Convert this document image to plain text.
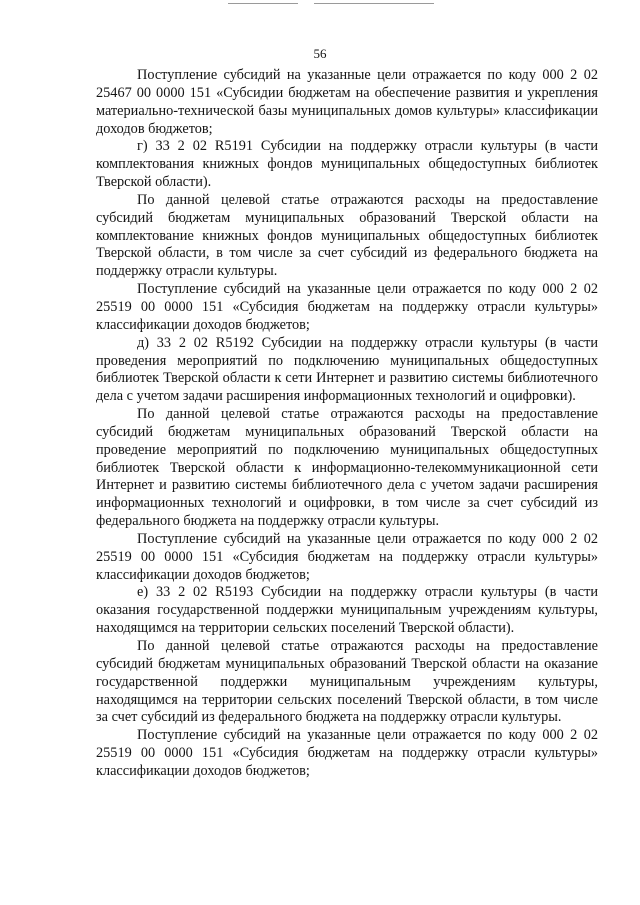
56

Поступление субсидий на указанные цели отражается по коду 000 2 02 25467 00 0000 151 «Субсидии бюджетам на обеспечение развития и укрепления материально-технической базы муниципальных домов культуры» классификации доходов бюджетов;

г) 33 2 02 R5191 Субсидии на поддержку отрасли культуры (в части комплектования книжных фондов муниципальных общедоступных библиотек Тверской области).

По данной целевой статье отражаются расходы на предоставление субсидий бюджетам муниципальных образований Тверской области на комплектование книжных фондов муниципальных общедоступных библиотек Тверской области, в том числе за счет субсидий из федерального бюджета на поддержку отрасли культуры.

Поступление субсидий на указанные цели отражается по коду 000 2 02 25519 00 0000 151 «Субсидия бюджетам на поддержку отрасли культуры» классификации доходов бюджетов;

д) 33 2 02 R5192 Субсидии на поддержку отрасли культуры (в части проведения мероприятий по подключению муниципальных общедоступных библиотек Тверской области к сети Интернет и развитию системы библиотечного дела с учетом задачи расширения информационных технологий и оцифровки).

По данной целевой статье отражаются расходы на предоставление субсидий бюджетам муниципальных образований Тверской области на проведение мероприятий по подключению муниципальных общедоступных библиотек Тверской области к информационно-телекоммуникационной сети Интернет и развитию системы библиотечного дела с учетом задачи расширения информационных технологий и оцифровки, в том числе за счет субсидий из федерального бюджета на поддержку отрасли культуры.

Поступление субсидий на указанные цели отражается по коду 000 2 02 25519 00 0000 151 «Субсидия бюджетам на поддержку отрасли культуры» классификации доходов бюджетов;

е) 33 2 02 R5193 Субсидии на поддержку отрасли культуры (в части оказания государственной поддержки муниципальным учреждениям культуры, находящимся на территории сельских поселений Тверской области).

По данной целевой статье отражаются расходы на предоставление субсидий бюджетам муниципальных образований Тверской области на оказание государственной поддержки муниципальным учреждениям культуры, находящимся на территории сельских поселений Тверской области, в том числе за счет субсидий из федерального бюджета на поддержку отрасли культуры.

Поступление субсидий на указанные цели отражается по коду 000 2 02 25519 00 0000 151 «Субсидия бюджетам на поддержку отрасли культуры» классификации доходов бюджетов;
